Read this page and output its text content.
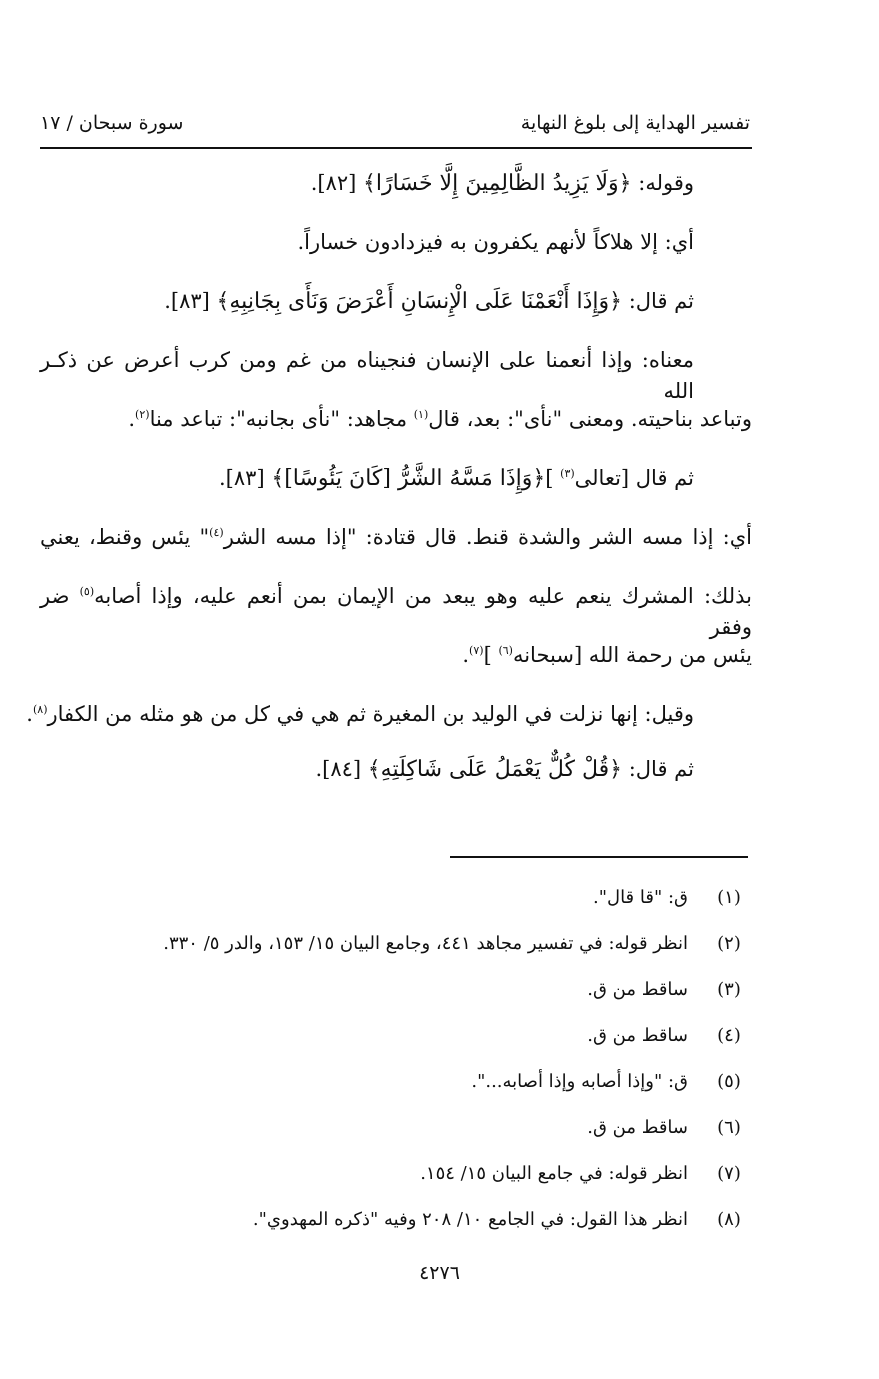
تفسير الهداية إلى بلوغ النهاية
سورة سبحان / ١٧

وقوله: ﴿وَلَا يَزِيدُ الظَّالِمِينَ إِلَّا خَسَارًا﴾ [٨٢].

أي: إلا هلاكاً لأنهم يكفرون به فيزدادون خساراً.

ثم قال: ﴿وَإِذَا أَنْعَمْنَا عَلَى الْإِنسَانِ أَعْرَضَ وَنَأَى بِجَانِبِهِ﴾ [٨٣].

معناه: وإذا أنعمنا على الإنسان فنجيناه من غم ومن كرب أعرض عن ذكـر الله

وتباعد بناحيته. ومعنى "نأى": بعد، قال$^{(١)}$ مجاهد: "نأى بجانبه": تباعد منا$^{(٢)}$.

ثم قال [تعالى$^{(٣)}$ ]﴿وَإِذَا مَسَّهُ الشَّرُّ [كَانَ يَئُوسًا]﴾ [٨٣].

أي: إذا مسه الشر والشدة قنط. قال قتادة: "إذا مسه الشر$^{(٤)}$" يئس وقنط، يعني

بذلك: المشرك ينعم عليه وهو يبعد من الإيمان بمن أنعم عليه، وإذا أصابه$^{(٥)}$ ضر وفقر

يئس من رحمة الله [سبحانه$^{(٦)}$ ]$^{(٧)}$.

وقيل: إنها نزلت في الوليد بن المغيرة ثم هي في كل من هو مثله من الكفار$^{(٨)}$.

ثم قال: ﴿قُلْ كُلٌّ يَعْمَلُ عَلَى شَاكِلَتِهِ﴾ [٨٤].

(١)ق: "قا قال".
(٢)انظر قوله: في تفسير مجاهد ٤٤١، وجامع البيان ١٥/ ١٥٣، والدر ٥/ ٣٣٠.
(٣)ساقط من ق.
(٤)ساقط من ق.
(٥)ق: "وإذا أصابه وإذا أصابه...".
(٦)ساقط من ق.
(٧)انظر قوله: في جامع البيان ١٥/ ١٥٤.
(٨)انظر هذا القول: في الجامع ١٠/ ٢٠٨ وفيه "ذكره المهدوي".
٤٢٧٦
